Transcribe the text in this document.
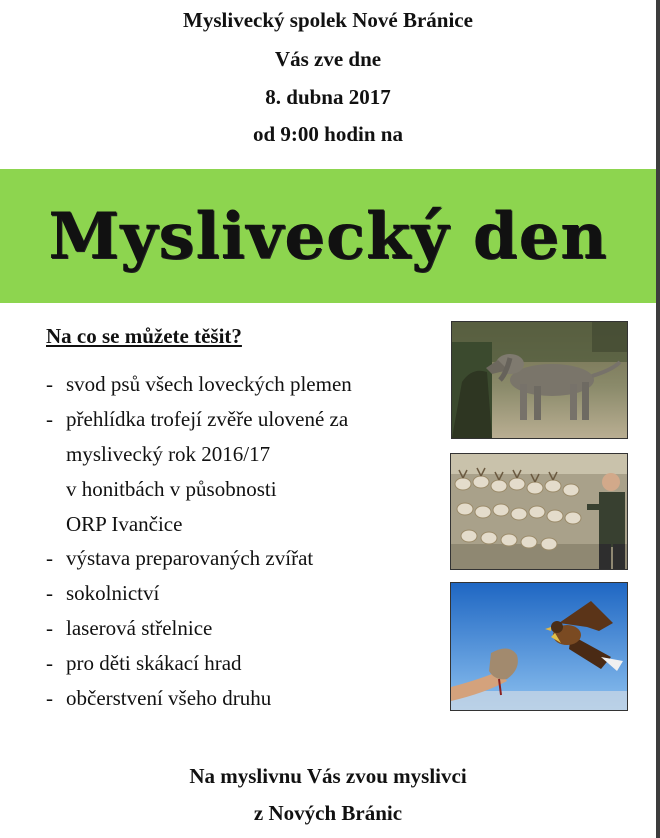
Myslivecký spolek Nové Bránice
Vás zve dne
8. dubna 2017
od 9:00 hodin na
Myslivecký den
Na co se můžete těšit?
- svod psů všech loveckých plemen
- přehlídka trofejí zvěře ulovené za
myslivecký rok 2016/17
v honitbách v působnosti
ORP Ivančice
- výstava preparovaných zvířat
- sokolnictví
- laserová střelnice
- pro děti skákací hrad
- občerstvení všeho druhu
Na myslivnu Vás zvou myslivci
z Nových Bránic
